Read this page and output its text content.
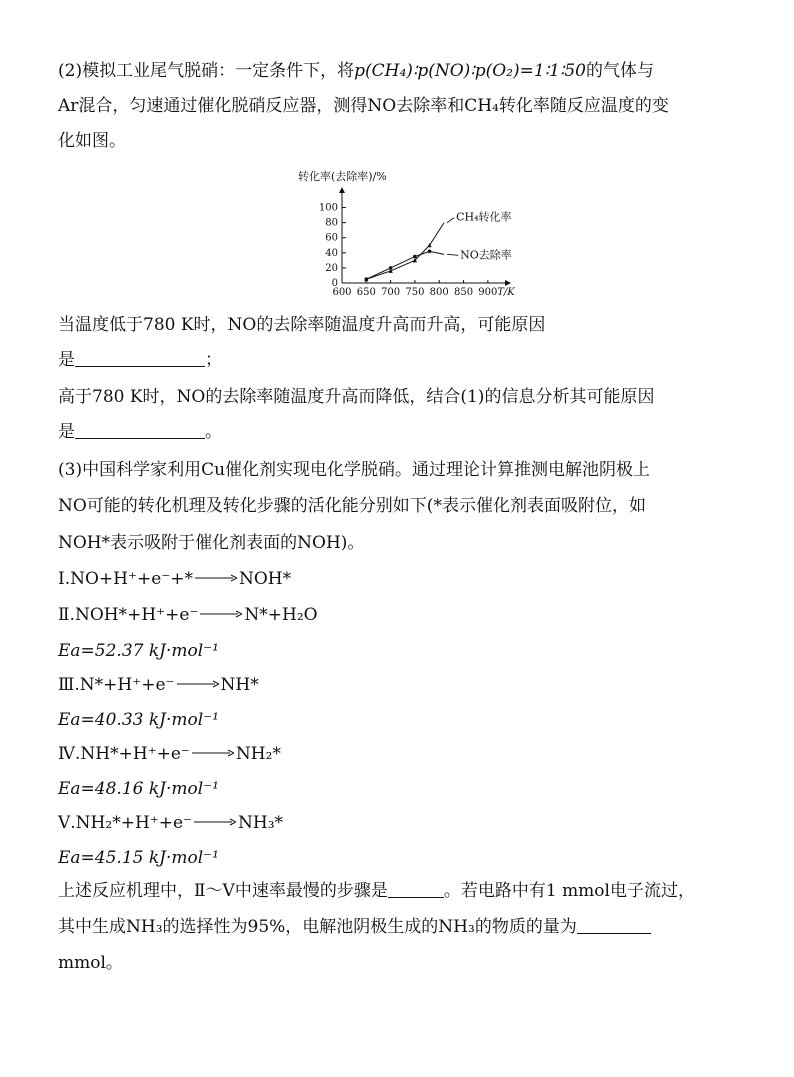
(2)模拟工业尾气脱硝：一定条件下，将p(CH₄)∶p(NO)∶p(O₂)=1∶1∶50的气体与
Ar混合，匀速通过催化脱硝反应器，测得NO去除率和CH₄转化率随反应温度的变
化如图。
转化率(去除率)/%
0
20
40
60
80
100
600 650 700 750 800 850 900 T/K
CH₄转化率
NO去除率
当温度低于780 K时，NO的去除率随温度升高而升高，可能原因
是	；
高于780 K时，NO的去除率随温度升高而降低，结合(1)的信息分析其可能原因
是	。
(3)中国科学家利用Cu催化剂实现电化学脱硝。通过理论计算推测电解池阴极上
NO可能的转化机理及转化步骤的活化能分别如下(*表示催化剂表面吸附位，如
NOH*表示吸附于催化剂表面的NOH)。
Ⅰ.NO+H⁺+e⁻+* → NOH*
Ⅱ.NOH*+H⁺+e⁻ → N*+H₂O
Ea=52.37 kJ·mol⁻¹
Ⅲ.N*+H⁺+e⁻ → NH*
Ea=40.33 kJ·mol⁻¹
Ⅳ.NH*+H⁺+e⁻ → NH₂*
Ea=48.16 kJ·mol⁻¹
Ⅴ.NH₂*+H⁺+e⁻ → NH₃*
Ea=45.15 kJ·mol⁻¹
上述反应机理中，Ⅱ～Ⅴ中速率最慢的步骤是	。若电路中有1 mmol电子流过，
其中生成NH₃的选择性为95%，电解池阴极生成的NH₃的物质的量为
mmol。
